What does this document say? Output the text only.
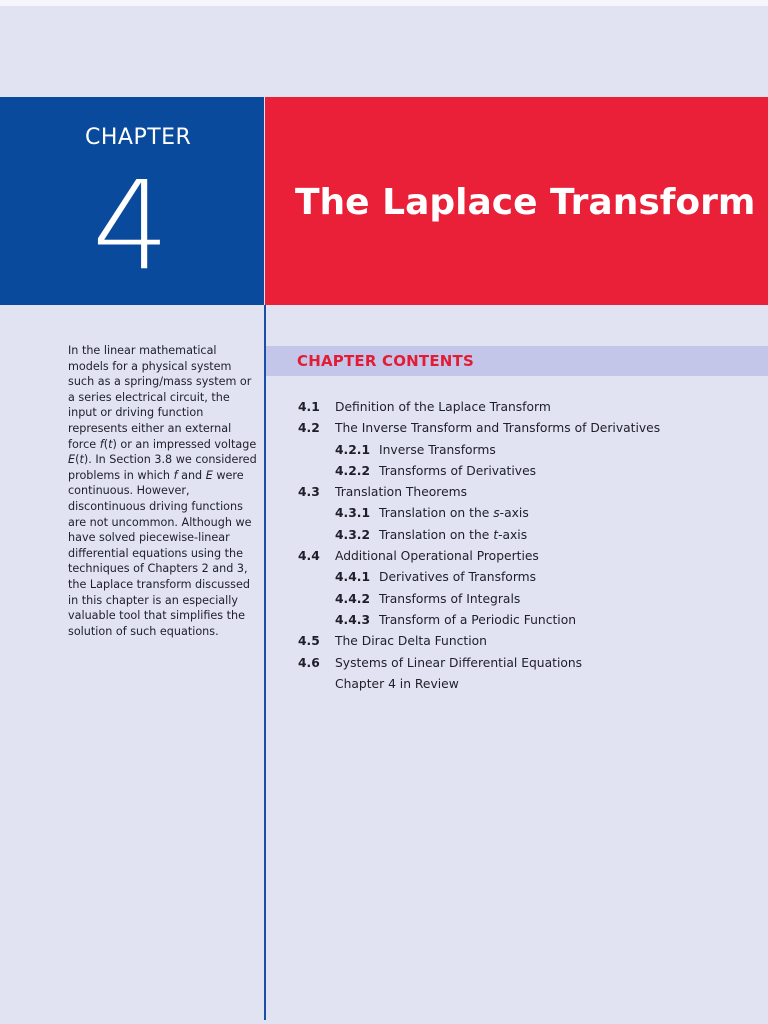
CHAPTER
4	The Laplace Transform
In the linear mathematical models for a physical system such as a spring/mass system or a series electrical circuit, the input or driving function represents either an external force f(t) or an impressed voltage E(t). In Section 3.8 we considered problems in which f and E were continuous. However, discontinuous driving functions are not uncommon. Although we have solved piecewise-linear differential equations using the techniques of Chapters 2 and 3, the Laplace transform discussed in this chapter is an especially valuable tool that simplifies the solution of such equations.
CHAPTER CONTENTS
4.1 Definition of the Laplace Transform
4.2 The Inverse Transform and Transforms of Derivatives
4.2.1 Inverse Transforms
4.2.2 Transforms of Derivatives
4.3 Translation Theorems
4.3.1 Translation on the s-axis
4.3.2 Translation on the t-axis
4.4 Additional Operational Properties
4.4.1 Derivatives of Transforms
4.4.2 Transforms of Integrals
4.4.3 Transform of a Periodic Function
4.5 The Dirac Delta Function
4.6 Systems of Linear Differential Equations
Chapter 4 in Review
